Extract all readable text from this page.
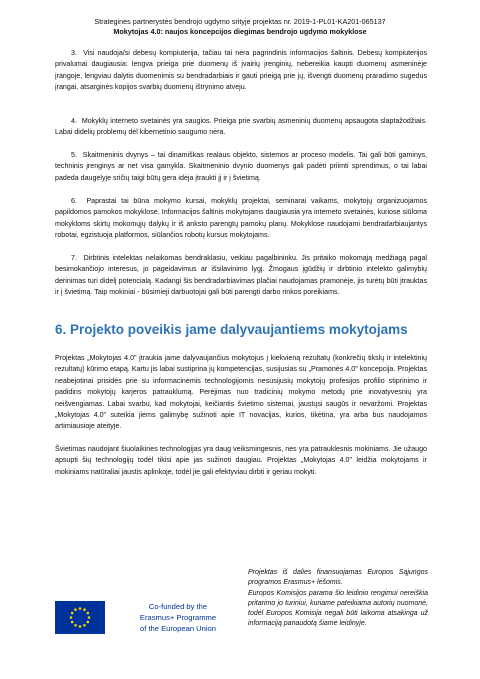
Strateginės partnerystės bendrojo ugdymo srityje projektas nr. 2019-1-PL01-KA201-065137
Mokytojas 4.0: naujos koncepcijos diegimas bendrojo ugdymo mokyklose

3.  Visi naudoja/si debesų kompiuterija, tačiau tai nėra pagrindinis informacijos šaltinis. Debesų kompiuterijos privalumai daugiausia: lengva prieiga prie duomenų iš įvairių įrenginių, nebereikia kaupti duomenų asmeninėje įrangoje, lengviau dalytis duomenimis su bendradarbiais ir gauti prieigą prie jų, išvengti duomenų praradimo sugedus įrangai, atsarginės kopijos svarbių duomenų ištrynimo atveju.

4.  Mokyklų interneto svetainės yra saugios. Prieiga prie svarbių asmeninių duomenų apsaugota slaptažodžiais. Labai didelių problemų dėl kibernetinio saugumo nėra.

5.  Skaitmeninis dvynys – tai dinamiškas realaus objekto, sistemos ar proceso modelis. Tai gali būti gaminys, techninis įrenginys ar net visa gamykla. Skaitmeninio dvynio duomenys gali padėti priimti sprendimus, o tai labai padeda daugelyje sričių taigi būtų gera idėja įtraukti jį ir į švietimą.

6.  Paprastai tai būna mokymo kursai, mokyklų projektai, seminarai vaikams, mokytojų organizuojamos papildomos pamokos mokyklose. Informacijos šaltinis mokytojams daugiausia yra interneto svetainės, kuriose siūloma mokykloms skirtų mokomųjų dalykų ir iš anksto parengtų pamokų planų. Mokyklose naudojami bendradarbiaujantys robotai, egzistuoja platformos, siūlančios robotų kursus mokytojams.

7.  Dirbtinis intelektas nelaikomas bendraklasiu, veikiau pagalbininku. Jis pritaiko mokomąją medžiagą pagal besimokančiojo interesus, jo pageidavimus ar išsilavinimo lygį. Žmogaus įgūdžių ir dirbtinio intelekto galimybių derinimas turi didelį potencialą. Kadangi šis bendradarbiavimas plačiai naudojamas pramonėje, jis turėtų būti įtrauktas ir į švietimą. Taip mokiniai - būsimieji darbuotojai gali būti parengti darbo rinkos poreikiams.

6. Projekto poveikis jame dalyvaujantiems mokytojams

Projektas „Mokytojas 4.0" įtraukia jame dalyvaujančius mokytojus į kiekvieną rezultatų (konkrečių tikslų ir intelektinių rezultatų) kūrimo etapą. Kartu jis labai sustiprina jų kompetencijas, susijusias su „Pramonės 4.0" koncepcija. Projektas neabejotinai prisidės prie su informacinėmis technologijomis nesusijusių mokytojų profesijos profilio stiprinimo ir padidins mokytojų karjeros patrauklumą. Perėjimas nuo tradicinių mokymo metodų prie inovatyvesnių yra neišvengiamas. Labai svarbu, kad mokytojai, keičiantis švietimo sistemai, jaustųsi saugūs ir nevaržomi. Projektas „Mokytojas 4.0" suteikia jiems galimybę sužinoti apie IT novacijas, kurios, tikėtina, yra arba bus naudojamos artimiausioje ateityje.

Švietimas naudojant šiuolaikines technologijas yra daug veiksmingesnis, nes yra patrauklesnis mokiniams. Jie užaugo apsupti šių technologijų todėl tikisi apie jas sužinoti daugiau. Projektas „Mokytojas 4.0" leidžia mokytojams ir mokiniams natūraliai jaustis aplinkoje, todėl jie gali efektyviau dirbti ir geriau mokyti.

Co-funded by the
Erasmus+ Programme
of the European Union
Projektas iš dalies finansuojamas Europos Sąjungos programos Erasmus+ lėšomis.
Europos Komisijos parama šio leidinio rengimui nereiškia pritarimo jo turiniui, kuriame pateikiama autorių nuomonė, todėl Europos Komisija negali būti laikoma atsakinga už informaciją panaudotą šiame leidinyje.
